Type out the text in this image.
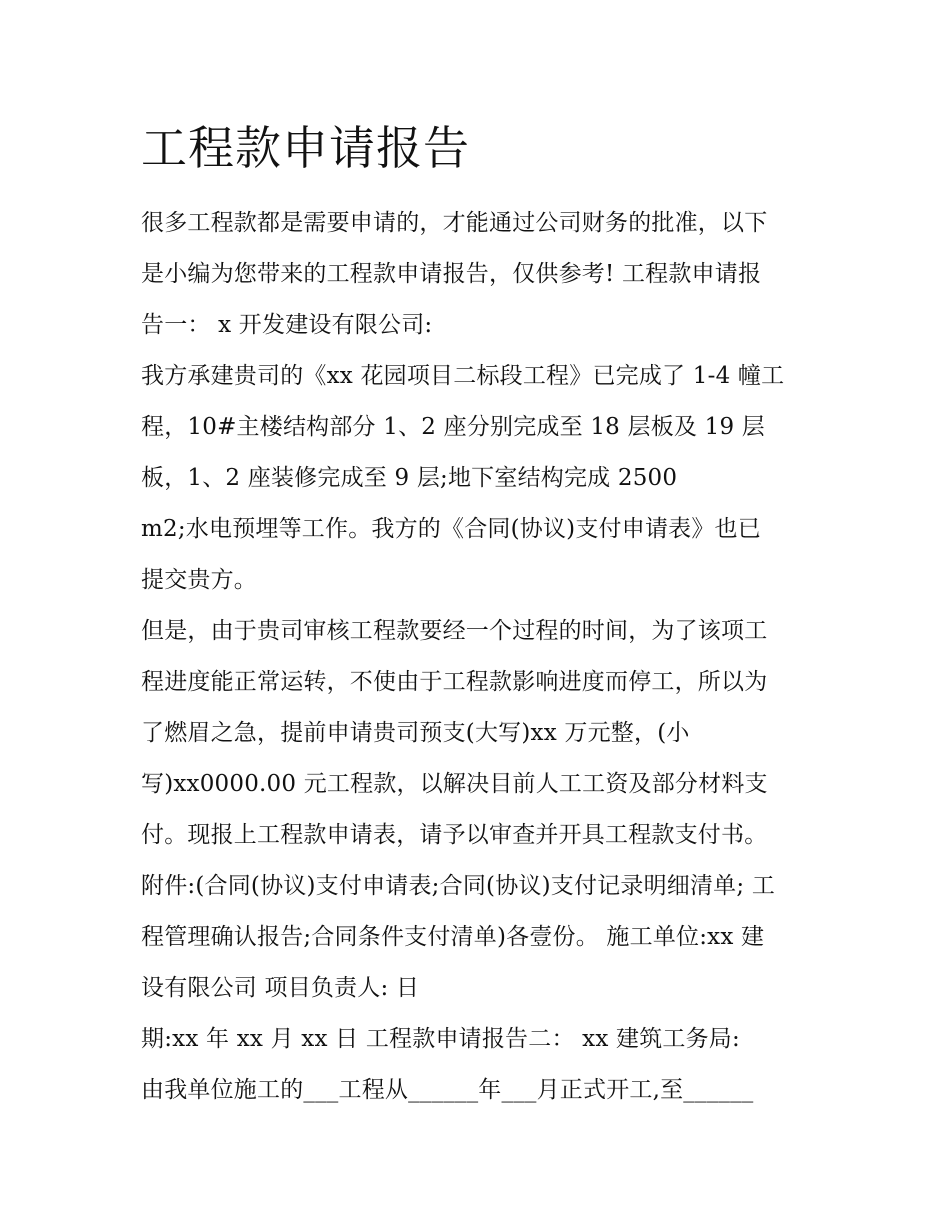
工程款申请报告
很多工程款都是需要申请的，才能通过公司财务的批准，以下
是小编为您带来的工程款申请报告，仅供参考! 工程款申请报
告一： x 开发建设有限公司:
我方承建贵司的《xx 花园项目二标段工程》已完成了 1-4 幢工
程，10#主楼结构部分 1、2 座分别完成至 18 层板及 19 层
板，1、2 座装修完成至 9 层;地下室结构完成 2500
m2;水电预埋等工作。我方的《合同(协议)支付申请表》也已
提交贵方。
但是，由于贵司审核工程款要经一个过程的时间，为了该项工
程进度能正常运转，不使由于工程款影响进度而停工，所以为
了燃眉之急，提前申请贵司预支(大写)xx 万元整，(小
写)xx0000.00 元工程款，以解决目前人工工资及部分材料支
付。现报上工程款申请表，请予以审查并开具工程款支付书。
附件:(合同(协议)支付申请表;合同(协议)支付记录明细清单; 工
程管理确认报告;合同条件支付清单)各壹份。 施工单位:xx 建
设有限公司 项目负责人: 日
期:xx 年 xx 月 xx 日 工程款申请报告二： xx 建筑工务局:
由我单位施工的___工程从______年___月正式开工,至______
